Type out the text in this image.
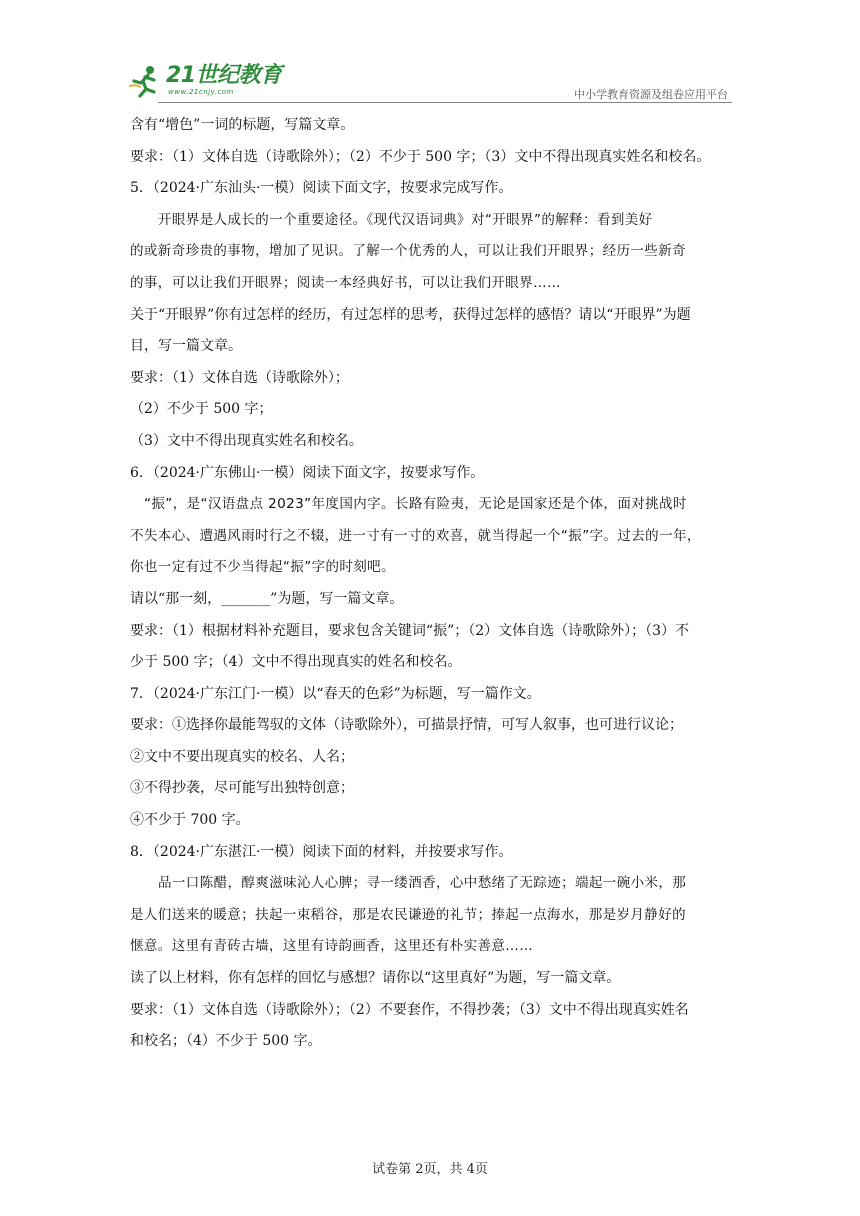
21世纪教育
www.21cnjy.com	中小学教育资源及组卷应用平台
含有“增色”一词的标题，写篇文章。
要求：（1）文体自选（诗歌除外）；（2）不少于 500 字；（3）文中不得出现真实姓名和校名。
5．（2024·广东汕头·一模）阅读下面文字，按要求完成写作。
开眼界是人成长的一个重要途径。《现代汉语词典》对“开眼界”的解释：看到美好
的或新奇珍贵的事物，增加了见识。了解一个优秀的人，可以让我们开眼界；经历一些新奇
的事，可以让我们开眼界；阅读一本经典好书，可以让我们开眼界……
关于“开眼界”你有过怎样的经历，有过怎样的思考，获得过怎样的感悟？请以“开眼界”为题
目，写一篇文章。
要求：（1）文体自选（诗歌除外）；
（2）不少于 500 字；
（3）文中不得出现真实姓名和校名。
6．（2024·广东佛山·一模）阅读下面文字，按要求写作。
“振”，是“汉语盘点 2023”年度国内字。长路有险夷，无论是国家还是个体，面对挑战时
不失本心、遭遇风雨时行之不辍，进一寸有一寸的欢喜，就当得起一个“振”字。过去的一年，
你也一定有过不少当得起“振”字的时刻吧。
请以“那一刻，_______”为题，写一篇文章。
要求：（1）根据材料补充题目，要求包含关键词“振”；（2）文体自选（诗歌除外）；（3）不
少于 500 字；（4）文中不得出现真实的姓名和校名。
7．（2024·广东江门·一模）以“春天的色彩”为标题，写一篇作文。
要求：①选择你最能驾驭的文体（诗歌除外），可描景抒情，可写人叙事，也可进行议论；
②文中不要出现真实的校名、人名；
③不得抄袭，尽可能写出独特创意；
④不少于 700 字。
8．（2024·广东湛江·一模）阅读下面的材料，并按要求写作。
品一口陈醋，醇爽滋味沁人心脾；寻一缕酒香，心中愁绪了无踪迹；端起一碗小米，那
是人们送来的暖意；扶起一束稻谷，那是农民谦逊的礼节；捧起一点海水，那是岁月静好的
惬意。这里有青砖古墙，这里有诗韵画香，这里还有朴实善意……
读了以上材料，你有怎样的回忆与感想？请你以“这里真好”为题，写一篇文章。
要求：（1）文体自选（诗歌除外）；（2）不要套作，不得抄袭；（3）文中不得出现真实姓名
和校名；（4）不少于 500 字。
试卷第 2页，共 4页
